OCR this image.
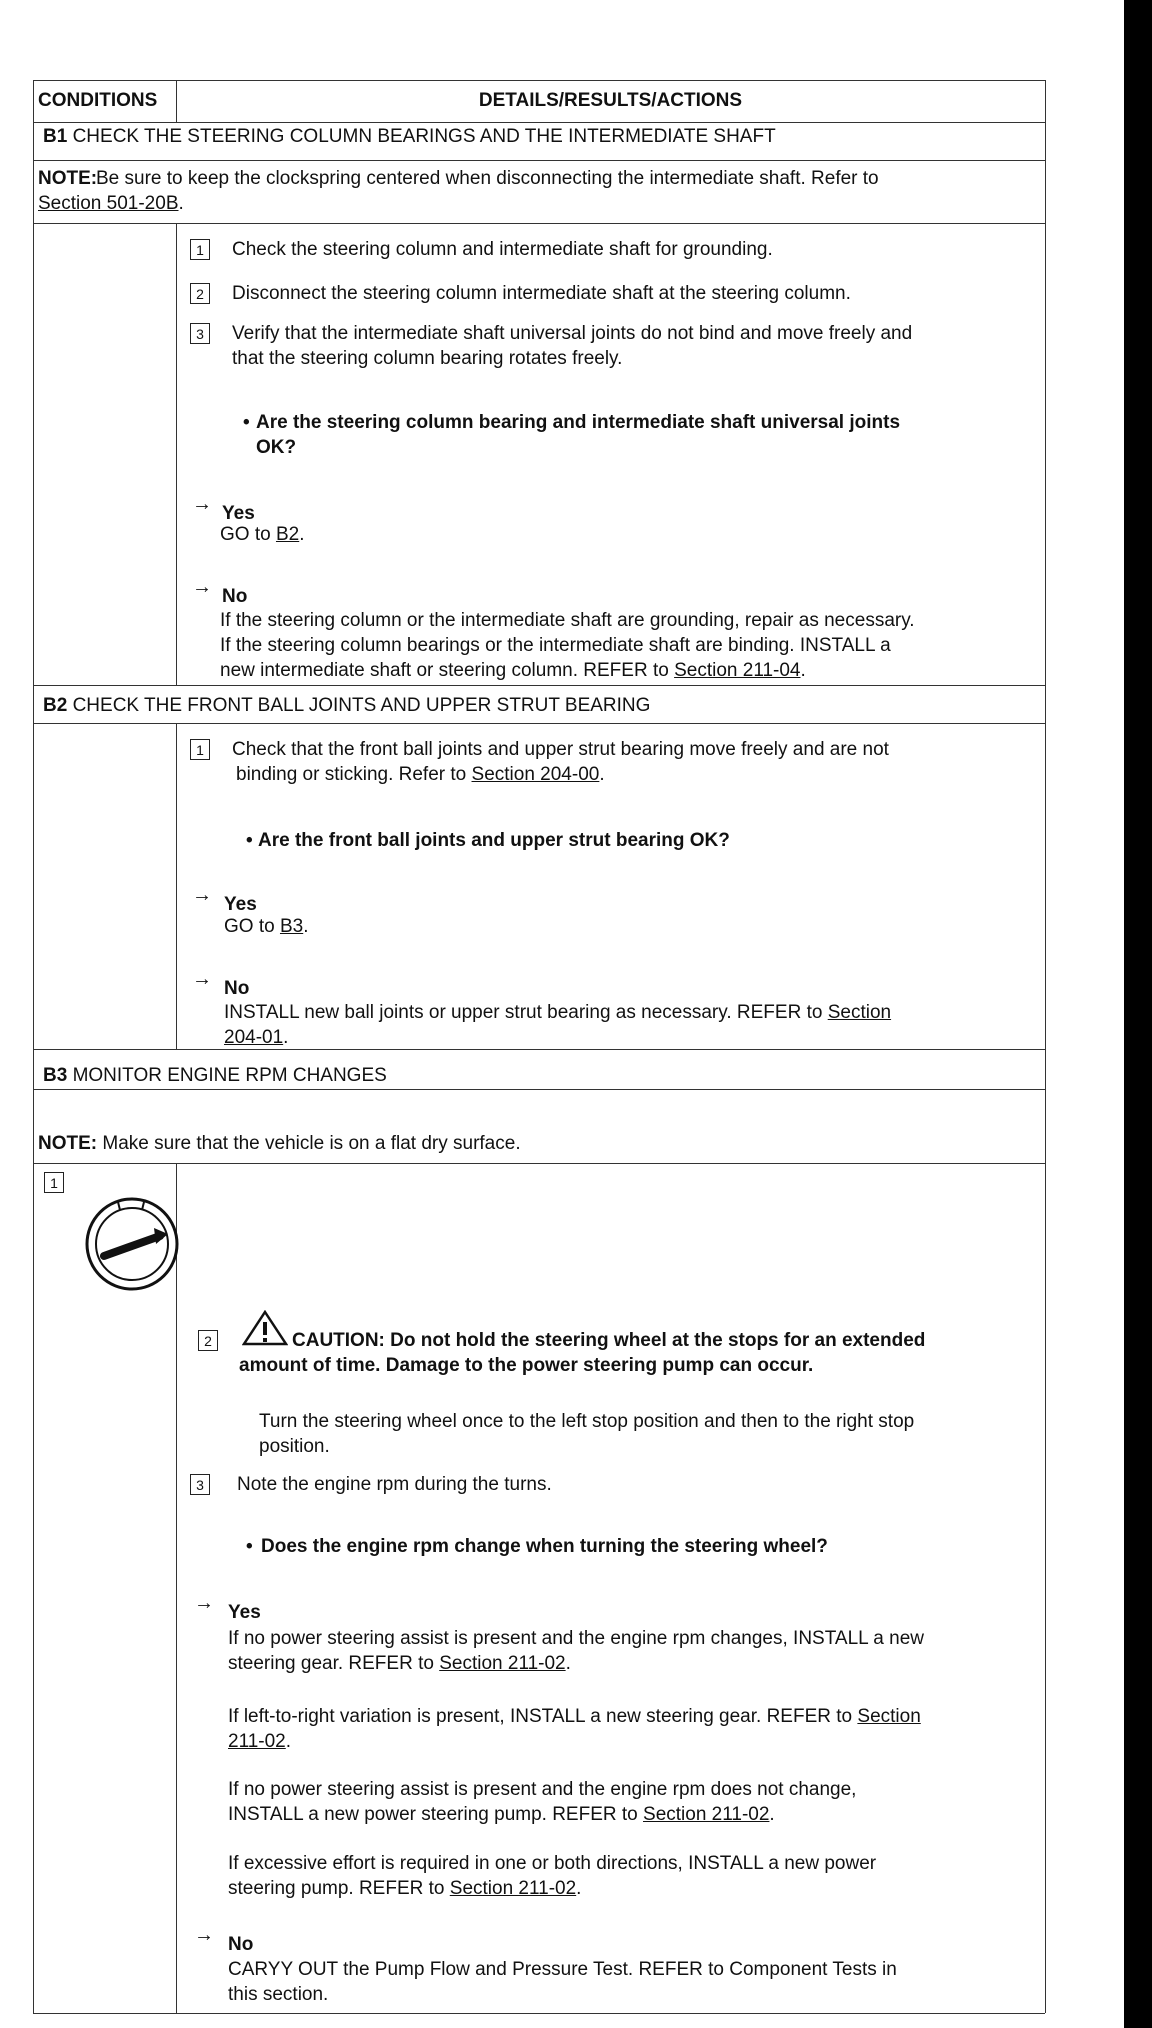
CONDITIONS	DETAILS/RESULTS/ACTIONS
B1 CHECK THE STEERING COLUMN BEARINGS AND THE INTERMEDIATE SHAFT
NOTE:
Be sure to keep the clockspring centered when disconnecting the intermediate shaft. Refer to
Section 501-20B.
1	Check the steering column and intermediate shaft for grounding.
2	Disconnect the steering column intermediate shaft at the steering column.
3	Verify that the intermediate shaft universal joints do not bind and move freely and
that the steering column bearing rotates freely.
• Are the steering column bearing and intermediate shaft universal joints
OK?
→ Yes
GO to B2.
→ No
If the steering column or the intermediate shaft are grounding, repair as necessary.
If the steering column bearings or the intermediate shaft are binding. INSTALL a
new intermediate shaft or steering column. REFER to Section 211-04.
B2 CHECK THE FRONT BALL JOINTS AND UPPER STRUT BEARING
1	Check that the front ball joints and upper strut bearing move freely and are not
binding or sticking. Refer to Section 204-00.
• Are the front ball joints and upper strut bearing OK?
→ Yes
GO to B3.
→ No
INSTALL new ball joints or upper strut bearing as necessary. REFER to Section
204-01.
B3 MONITOR ENGINE RPM CHANGES
NOTE: Make sure that the vehicle is on a flat dry surface.
1
2	CAUTION: Do not hold the steering wheel at the stops for an extended
amount of time. Damage to the power steering pump can occur.
Turn the steering wheel once to the left stop position and then to the right stop
position.
3	Note the engine rpm during the turns.
• Does the engine rpm change when turning the steering wheel?
→ Yes
If no power steering assist is present and the engine rpm changes, INSTALL a new
steering gear. REFER to Section 211-02.
If left-to-right variation is present, INSTALL a new steering gear. REFER to Section
211-02.
If no power steering assist is present and the engine rpm does not change,
INSTALL a new power steering pump. REFER to Section 211-02.
If excessive effort is required in one or both directions, INSTALL a new power
steering pump. REFER to Section 211-02.
→ No
CARYY OUT the Pump Flow and Pressure Test. REFER to Component Tests in
this section.
